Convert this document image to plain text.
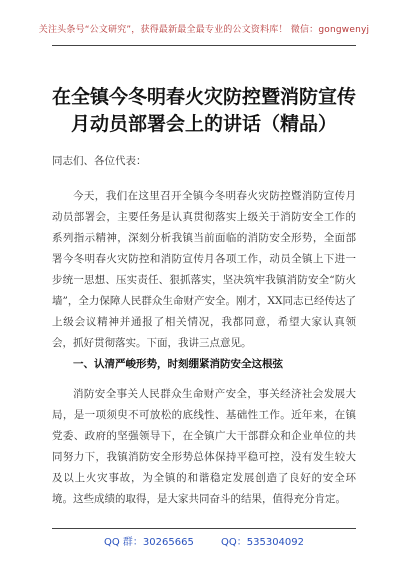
关注头条号“公文研究”，获得最新最全最专业的公文资料库！ 微信：gongwenyj
在全镇今冬明春火灾防控暨消防宣传月动员部署会上的讲话（精品）
同志们、各位代表：
今天，我们在这里召开全镇今冬明春火灾防控暨消防宣传月动员部署会，主要任务是认真贯彻落实上级关于消防安全工作的系列指示精神，深刻分析我镇当前面临的消防安全形势，全面部署今冬明春火灾防控和消防宣传月各项工作，动员全镇上下进一步统一思想、压实责任、狠抓落实，坚决筑牢我镇消防安全“防火墙”，全力保障人民群众生命财产安全。刚才，XX同志已经传达了上级会议精神并通报了相关情况，我都同意，希望大家认真领会，抓好贯彻落实。下面，我讲三点意见。
一、认清严峻形势，时刻绷紧消防安全这根弦
消防安全事关人民群众生命财产安全，事关经济社会发展大局，是一项须臾不可放松的底线性、基础性工作。近年来，在镇党委、政府的坚强领导下，在全镇广大干部群众和企业单位的共同努力下，我镇消防安全形势总体保持平稳可控，没有发生较大及以上火灾事故，为全镇的和谐稳定发展创造了良好的安全环境。这些成绩的取得，是大家共同奋斗的结果，值得充分肯定。
QQ 群：30265665	QQ：535304092
